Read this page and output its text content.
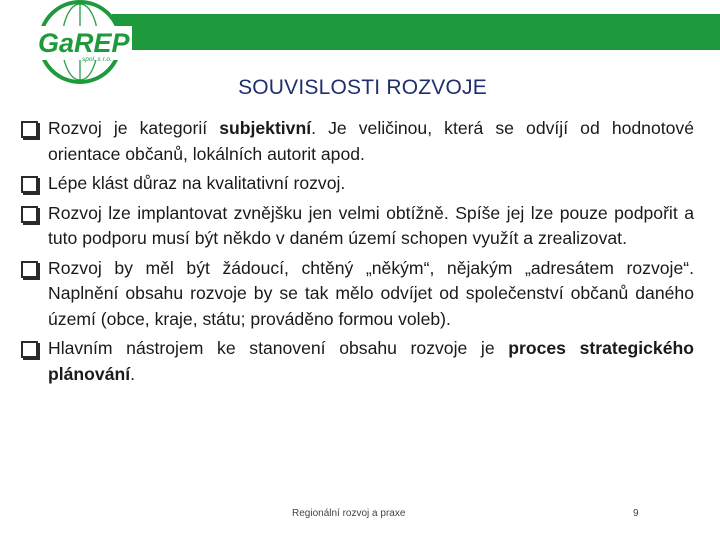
GaREP
spol. s r.o.
SOUVISLOSTI ROZVOJE
Rozvoj je kategorií subjektivní. Je veličinou, která se odvíjí od hodnotové orientace občanů, lokálních autorit apod.
Lépe klást důraz na kvalitativní rozvoj.
Rozvoj lze implantovat zvnějšku jen velmi obtížně. Spíše jej lze pouze podpořit a tuto podporu musí být někdo v daném území schopen využít a zrealizovat.
Rozvoj by měl být žádoucí, chtěný „někým“, nějakým „adresátem rozvoje“. Naplnění obsahu rozvoje by se tak mělo odvíjet od společenství občanů daného území (obce, kraje, státu; prováděno formou voleb).
Hlavním nástrojem ke stanovení obsahu rozvoje je proces strategického plánování.
Regionální rozvoj a praxe	9
